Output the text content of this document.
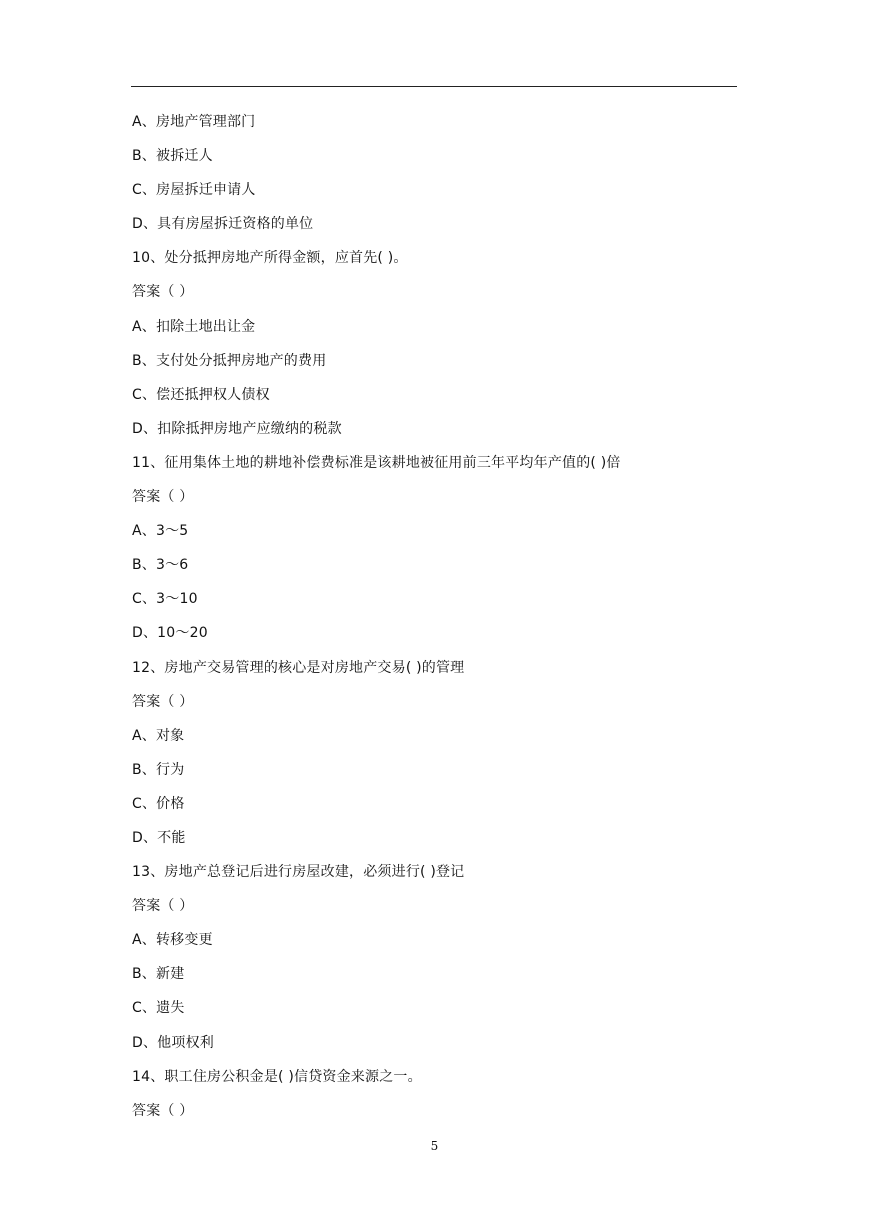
A、房地产管理部门
B、被拆迁人
C、房屋拆迁申请人
D、具有房屋拆迁资格的单位
10、处分抵押房地产所得金额，应首先( )。
答案（ ）
A、扣除土地出让金
B、支付处分抵押房地产的费用
C、偿还抵押权人债权
D、扣除抵押房地产应缴纳的税款
11、征用集体土地的耕地补偿费标准是该耕地被征用前三年平均年产值的( )倍
答案（ ）
A、3～5
B、3～6
C、3～10
D、10～20
12、房地产交易管理的核心是对房地产交易( )的管理
答案（ ）
A、对象
B、行为
C、价格
D、不能
13、房地产总登记后进行房屋改建，必须进行( )登记
答案（ ）
A、转移变更
B、新建
C、遗失
D、他项权利
14、职工住房公积金是( )信贷资金来源之一。
答案（ ）
5
